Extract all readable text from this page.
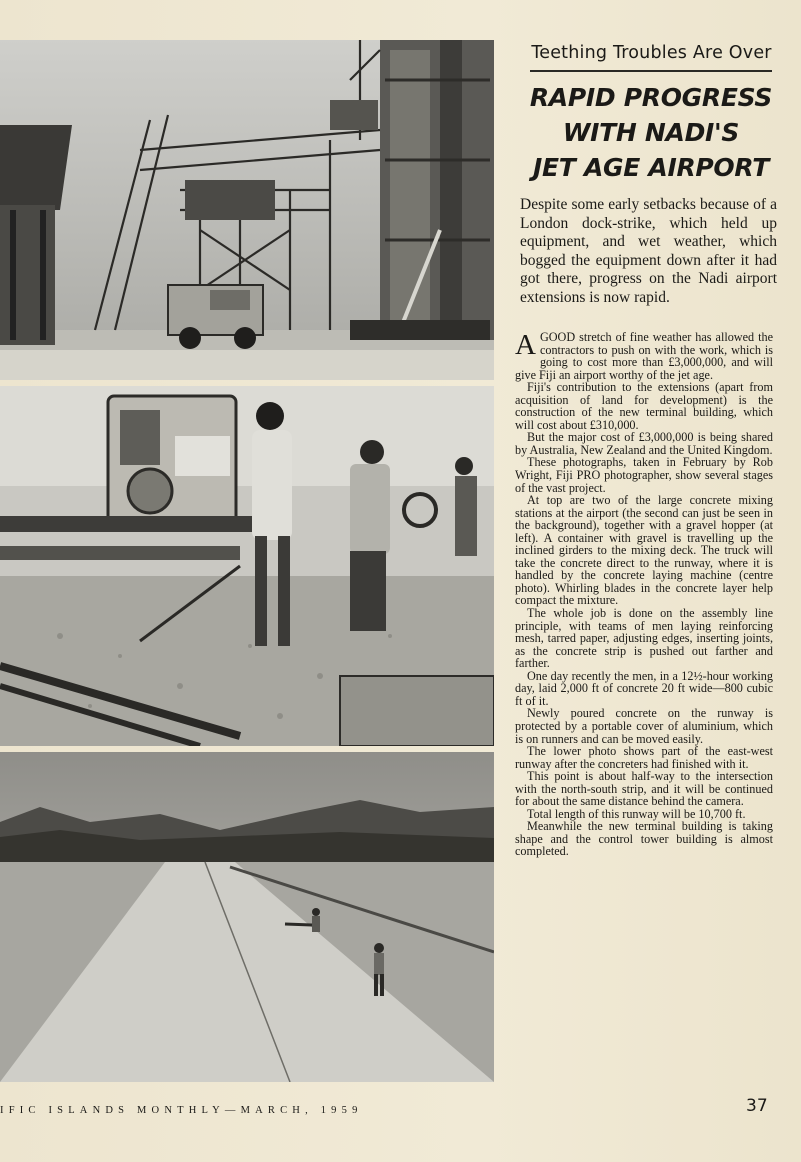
Teething Troubles Are Over
RAPID PROGRESS
WITH NADI'S
JET AGE AIRPORT
Despite some early setbacks because of a London dock-strike, which held up equipment, and wet weather, which bogged the equipment down after it had got there, progress on the Nadi airport extensions is now rapid.

A GOOD stretch of fine weather has allowed the contractors to push on with the work, which is going to cost more than £3,000,000, and will give Fiji an airport worthy of the jet age.

Fiji's contribution to the extensions (apart from acquisition of land for development) is the construction of the new terminal building, which will cost about £310,000.

But the major cost of £3,000,000 is being shared by Australia, New Zealand and the United Kingdom.

These photographs, taken in February by Rob Wright, Fiji PRO photographer, show several stages of the vast project.

At top are two of the large concrete mixing stations at the airport (the second can just be seen in the background), together with a gravel hopper (at left). A container with gravel is travelling up the inclined girders to the mixing deck. The truck will take the concrete direct to the runway, where it is handled by the concrete laying machine (centre photo). Whirling blades in the concrete layer help compact the mixture.

The whole job is done on the assembly line principle, with teams of men laying reinforcing mesh, tarred paper, adjusting edges, inserting joints, as the concrete strip is pushed out farther and farther.

One day recently the men, in a 12½-hour working day, laid 2,000 ft of concrete 20 ft wide—800 cubic ft of it.

Newly poured concrete on the runway is protected by a portable cover of aluminium, which is on runners and can be moved easily.

The lower photo shows part of the east-west runway after the concreters had finished with it.

This point is about half-way to the intersection with the north-south strip, and it will be continued for about the same distance behind the camera.

Total length of this runway will be 10,700 ft.

Meanwhile the new terminal building is taking shape and the control tower building is almost completed.

IFIC ISLANDS MONTHLY—MARCH, 1959	37
